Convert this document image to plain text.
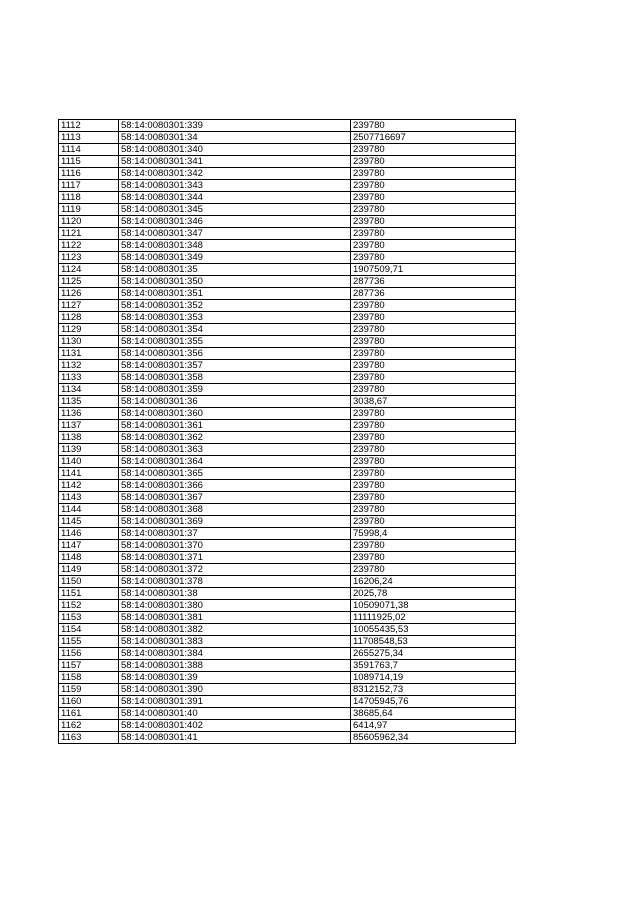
1112	58:14:0080301:339	239780
1113	58:14:0080301:34	2507716697
1114	58:14:0080301:340	239780
1115	58:14:0080301:341	239780
1116	58:14:0080301:342	239780
1117	58:14:0080301:343	239780
1118	58:14:0080301:344	239780
1119	58:14:0080301:345	239780
1120	58:14:0080301:346	239780
1121	58:14:0080301:347	239780
1122	58:14:0080301:348	239780
1123	58:14:0080301:349	239780
1124	58:14:0080301:35	1907509,71
1125	58:14:0080301:350	287736
1126	58:14:0080301:351	287736
1127	58:14:0080301:352	239780
1128	58:14:0080301:353	239780
1129	58:14:0080301:354	239780
1130	58:14:0080301:355	239780
1131	58:14:0080301:356	239780
1132	58:14:0080301:357	239780
1133	58:14:0080301:358	239780
1134	58:14:0080301:359	239780
1135	58:14:0080301:36	3038,67
1136	58:14:0080301:360	239780
1137	58:14:0080301:361	239780
1138	58:14:0080301:362	239780
1139	58:14:0080301:363	239780
1140	58:14:0080301:364	239780
1141	58:14:0080301:365	239780
1142	58:14:0080301:366	239780
1143	58:14:0080301:367	239780
1144	58:14:0080301:368	239780
1145	58:14:0080301:369	239780
1146	58:14:0080301:37	75998,4
1147	58:14:0080301:370	239780
1148	58:14:0080301:371	239780
1149	58:14:0080301:372	239780
1150	58:14:0080301:378	16206,24
1151	58:14:0080301:38	2025,78
1152	58:14:0080301:380	10509071,38
1153	58:14:0080301:381	11111925,02
1154	58:14:0080301:382	10055435,53
1155	58:14:0080301:383	11708548,53
1156	58:14:0080301:384	2655275,34
1157	58:14:0080301:388	3591763,7
1158	58:14:0080301:39	1089714,19
1159	58:14:0080301:390	8312152,73
1160	58:14:0080301:391	14705945,76
1161	58:14:0080301:40	38685,64
1162	58:14:0080301:402	6414,97
1163	58:14:0080301:41	85605962,34
